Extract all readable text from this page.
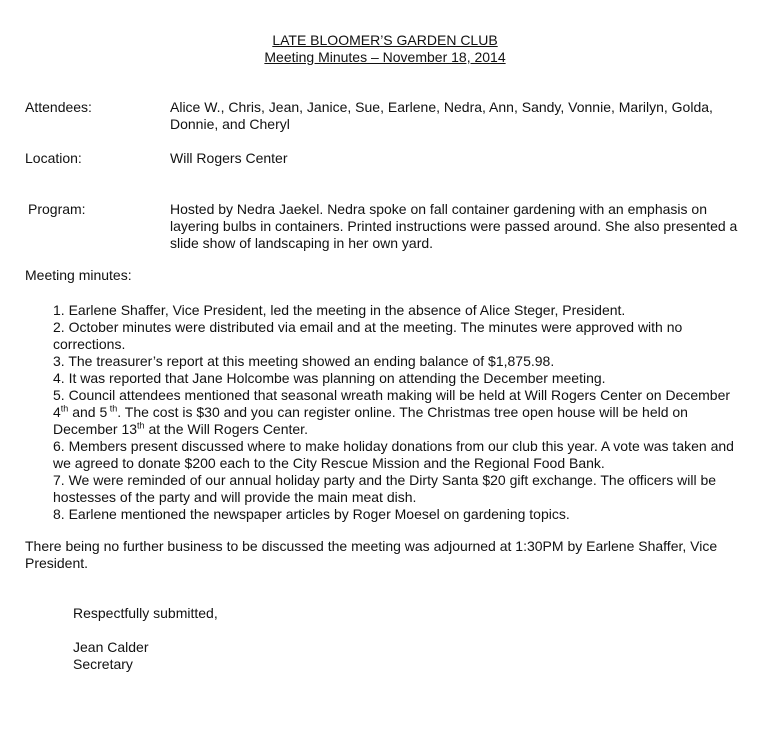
LATE BLOOMER’S GARDEN CLUB
Meeting Minutes – November 18, 2014
Attendees:	Alice W., Chris, Jean, Janice, Sue, Earlene, Nedra, Ann, Sandy, Vonnie, Marilyn, Golda, Donnie, and Cheryl
Location:	Will Rogers Center
Program:	Hosted by Nedra Jaekel. Nedra spoke on fall container gardening with an emphasis on layering bulbs in containers. Printed instructions were passed around. She also presented a slide show of landscaping in her own yard.
Meeting minutes:
1. Earlene Shaffer, Vice President, led the meeting in the absence of Alice Steger, President.
2. October minutes were distributed via email and at the meeting. The minutes were approved with no corrections.
3. The treasurer’s report at this meeting showed an ending balance of $1,875.98.
4. It was reported that Jane Holcombe was planning on attending the December meeting.
5. Council attendees mentioned that seasonal wreath making will be held at Will Rogers Center on December 4th and 5 $^{th}$. The cost is $30 and you can register online. The Christmas tree open house will be held on December 13th at the Will Rogers Center.
6. Members present discussed where to make holiday donations from our club this year. A vote was taken and we agreed to donate $200 each to the City Rescue Mission and the Regional Food Bank.
7. We were reminded of our annual holiday party and the Dirty Santa $20 gift exchange. The officers will be hostesses of the party and will provide the main meat dish.
8. Earlene mentioned the newspaper articles by Roger Moesel on gardening topics.
There being no further business to be discussed the meeting was adjourned at 1:30PM by Earlene Shaffer, Vice President.
Respectfully submitted,
Jean Calder
Secretary
